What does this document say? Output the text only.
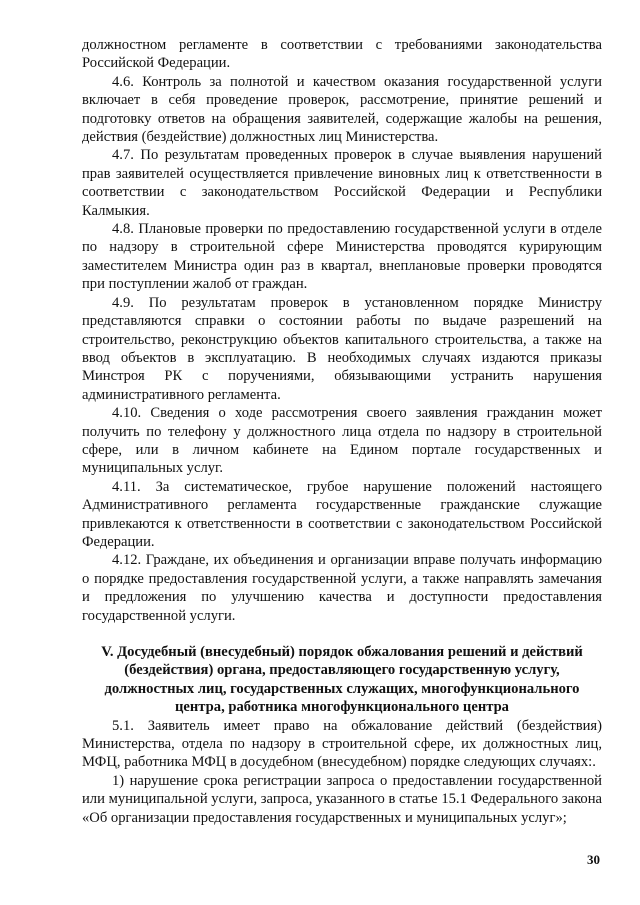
должностном регламенте в соответствии с требованиями законодательства Российской Федерации.

4.6. Контроль за полнотой и качеством оказания государственной услуги включает в себя проведение проверок, рассмотрение, принятие решений и подготовку ответов на обращения заявителей, содержащие жалобы на решения, действия (бездействие) должностных лиц Министерства.

4.7. По результатам проведенных проверок в случае выявления нарушений прав заявителей осуществляется привлечение виновных лиц к ответственности в соответствии с законодательством Российской Федерации и Республики Калмыкия.

4.8. Плановые проверки по предоставлению государственной услуги в отделе по надзору в строительной сфере Министерства проводятся курирующим заместителем Министра один раз в квартал, внеплановые проверки проводятся при поступлении жалоб от граждан.

4.9. По результатам проверок в установленном порядке Министру представляются справки о состоянии работы по выдаче разрешений на строительство, реконструкцию объектов капитального строительства, а также на ввод объектов в эксплуатацию. В необходимых случаях издаются приказы Минстроя РК с поручениями, обязывающими устранить нарушения административного регламента.

4.10. Сведения о ходе рассмотрения своего заявления гражданин может получить по телефону у должностного лица отдела по надзору в строительной сфере, или в личном кабинете на Едином портале государственных и муниципальных услуг.

4.11. За систематическое, грубое нарушение положений настоящего Административного регламента государственные гражданские служащие привлекаются к ответственности в соответствии с законодательством Российской Федерации.

4.12. Граждане, их объединения и организации вправе получать информацию о порядке предоставления государственной услуги, а также направлять замечания и предложения по улучшению качества и доступности предоставления государственной услуги.

V. Досудебный (внесудебный) порядок обжалования решений и действий (бездействия) органа, предоставляющего государственную услугу, должностных лиц, государственных служащих, многофункционального центра, работника многофункционального центра

5.1. Заявитель имеет право на обжалование действий (бездействия) Министерства, отдела по надзору в строительной сфере, их должностных лиц, МФЦ, работника МФЦ в досудебном (внесудебном) порядке следующих случаях:.

1) нарушение срока регистрации запроса о предоставлении государственной или муниципальной услуги, запроса, указанного в статье 15.1 Федерального закона «Об организации предоставления государственных и муниципальных услуг»;

30
